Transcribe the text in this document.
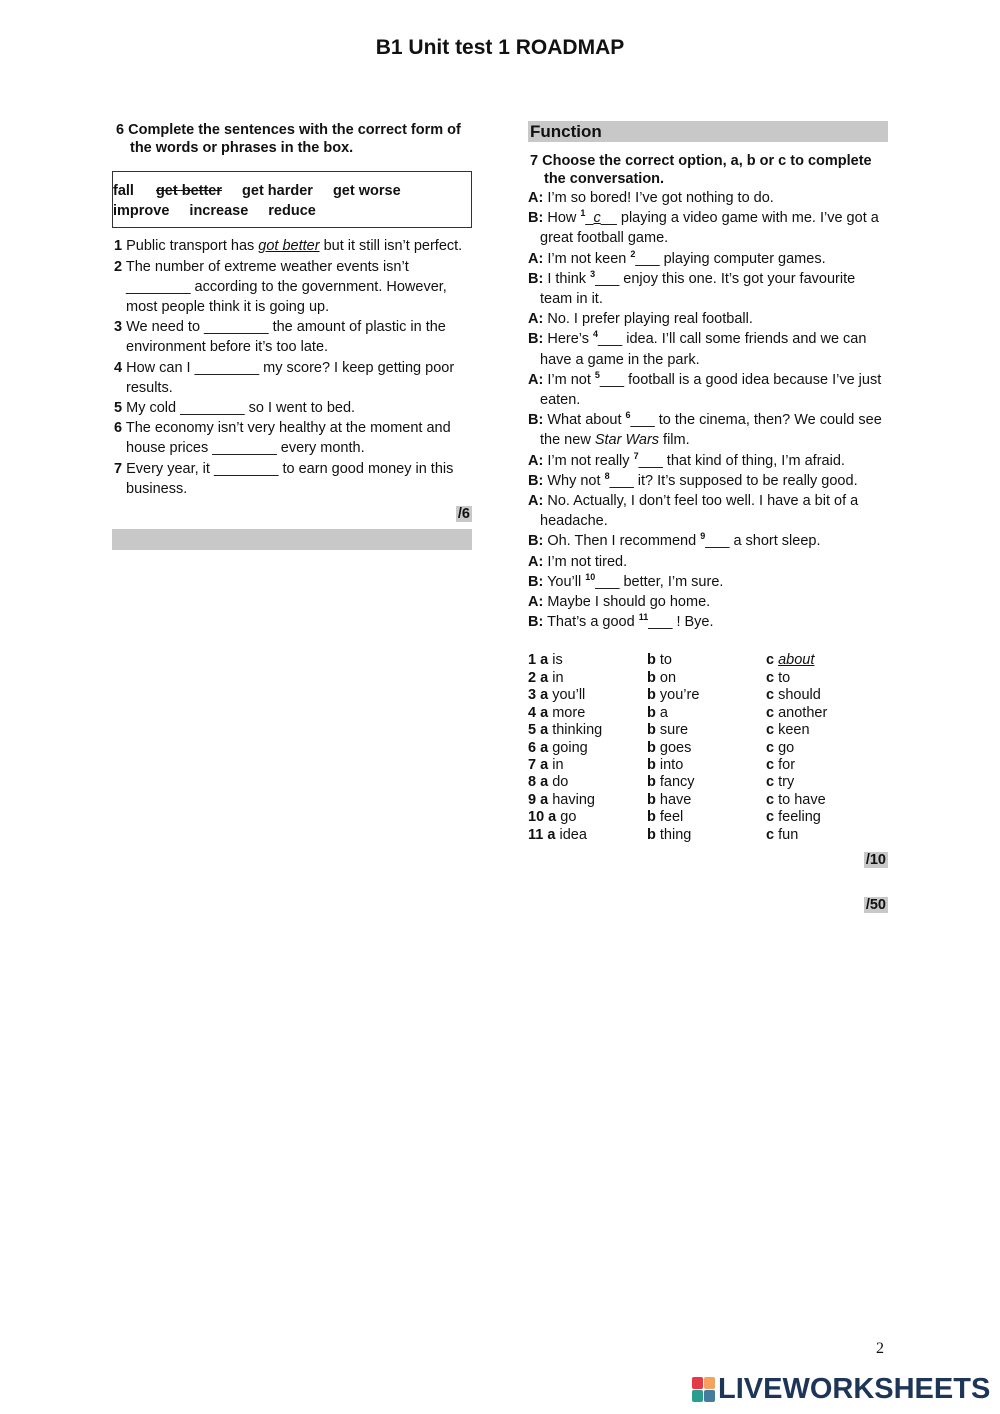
B1 Unit test 1 ROADMAP
6 Complete the sentences with the correct form of the words or phrases in the box.
fall get better get harder get worse
improve increase reduce
1 Public transport has got better but it still isn’t perfect.
2 The number of extreme weather events isn’t ________ according to the government. However, most people think it is going up.
3 We need to ________ the amount of plastic in the environment before it’s too late.
4 How can I ________ my score? I keep getting poor results.
5 My cold ________ so I went to bed.
6 The economy isn’t very healthy at the moment and house prices ________ every month.
7 Every year, it ________ to earn good money in this business.
/6
Function
7 Choose the correct option, a, b or c to complete the conversation.
A: I’m so bored! I’ve got nothing to do.
B: How $^1$_c__ playing a video game with me. I’ve got a great football game.
A: I’m not keen $^2$___ playing computer games.
B: I think $^3$___ enjoy this one. It’s got your favourite team in it.
A: No. I prefer playing real football.
B: Here’s $^4$___ idea. I’ll call some friends and we can have a game in the park.
A: I’m not $^5$___ football is a good idea because I’ve just eaten.
B: What about $^6$___ to the cinema, then? We could see the new Star Wars film.
A: I’m not really $^7$___ that kind of thing, I’m afraid.
B: Why not $^8$___ it? It’s supposed to be really good.
A: No. Actually, I don’t feel too well. I have a bit of a headache.
B: Oh. Then I recommend $^9$___ a short sleep.
A: I’m not tired.
B: You’ll $^{10}$___ better, I’m sure.
A: Maybe I should go home.
B: That’s a good $^{11}$___ ! Bye.
1 a is	b to	c about
2 a in	b on	c to
3 a you’ll	b you’re	c should
4 a more	b a	c another
5 a thinking	b sure	c keen
6 a going	b goes	c go
7 a in	b into	c for
8 a do	b fancy	c try
9 a having	b have	c to have
10 a go	b feel	c feeling
11 a idea	b thing	c fun
/10
/50
2
LIVEWORKSHEETS
